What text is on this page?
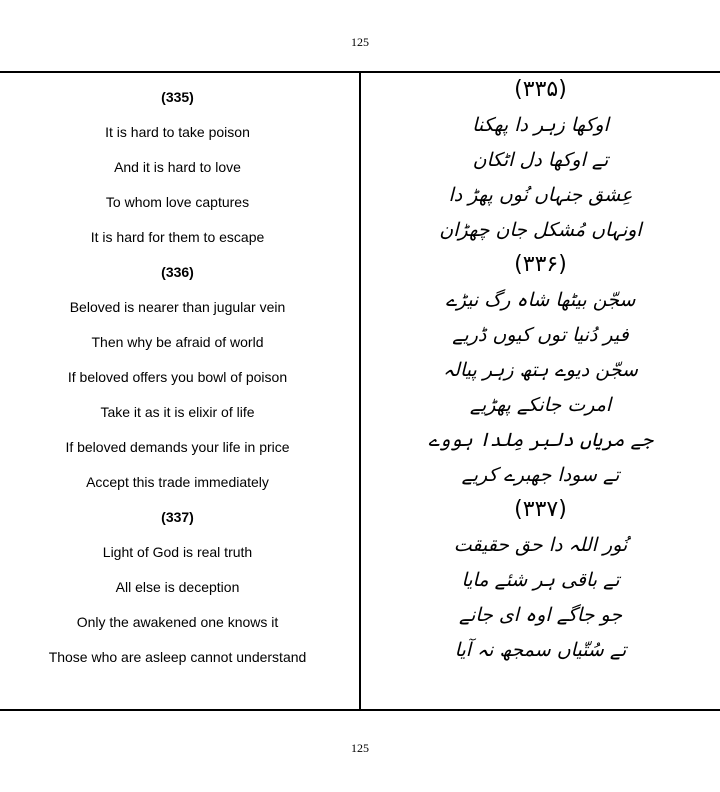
125
(335)
It is hard to take poison
And it is hard to love
To whom love captures
It is hard for them to escape
(336)
Beloved is nearer than jugular vein
Then why be afraid of world
If beloved offers you bowl of poison
Take it as it is elixir of life
If beloved demands your life in price
Accept this trade immediately
(337)
Light of God is real truth
All else is deception
Only the awakened one knows it
Those who are asleep cannot understand
(۳۳۵)
اوکھا زہر دا پھکنا
تے اوکھا دل اٹکان
عِشق جنہاں نُوں پھڑ دا
اونہاں مُشکل جان چھڑان
(۳۳۶)
سجّن بیٹھا شاہ رگ نیڑے
فیر دُنیا توں کیوں ڈریے
سجّن دیوے ہتھ زہر پیالہ
امرت جانکے پھڑیے
جے مریاں دلبر مِلدا ہووے
تے سودا جھبرے کریے
(۳۳۷)
نُور اللہ دا حق حقیقت
تے باقی ہر شئے مایا
جو جاگے اوہ ای جانے
تے سُتّیاں سمجھ نہ آیا
125
